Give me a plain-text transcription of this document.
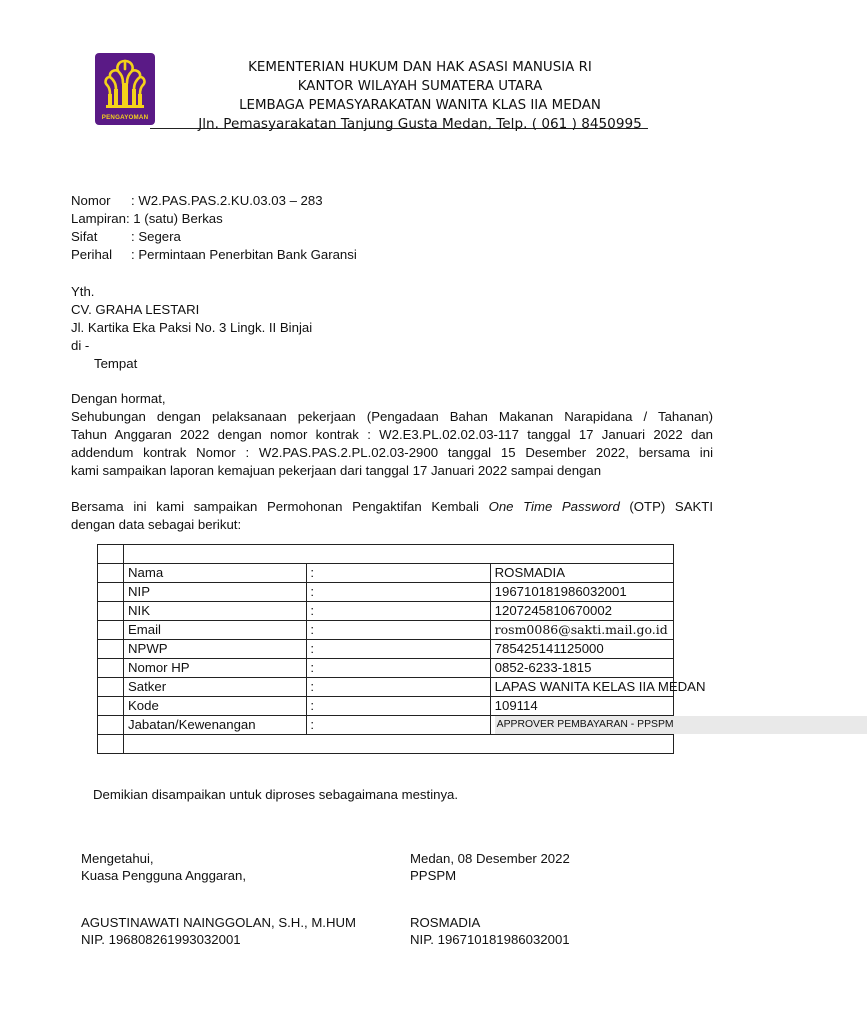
PENGAYOMAN
KEMENTERIAN HUKUM DAN HAK ASASI MANUSIA RI
KANTOR WILAYAH SUMATERA UTARA
LEMBAGA PEMASYARAKATAN WANITA KLAS IIA MEDAN
Jln. Pemasyarakatan Tanjung Gusta Medan, Telp. ( 061 ) 8450995
Nomor	: W2.PAS.PAS.2.KU.03.03 – 283
Lampiran : 1 (satu) Berkas
Sifat	: Segera
Perihal	: Permintaan Penerbitan Bank Garansi
Yth.
CV. GRAHA LESTARI
Jl. Kartika Eka Paksi No. 3 Lingk. II Binjai
di -
Tempat
Dengan hormat,
Sehubungan dengan pelaksanaan pekerjaan (Pengadaan Bahan Makanan Narapidana / Tahanan)
Tahun Anggaran 2022 dengan nomor kontrak : W2.E3.PL.02.02.03-117 tanggal 17 Januari 2022 dan
addendum kontrak Nomor : W2.PAS.PAS.2.PL.02.03-2900 tanggal 15 Desember 2022, bersama ini
kami sampaikan laporan kemajuan pekerjaan dari tanggal 17 Januari 2022 sampai dengan
Bersama ini kami sampaikan Permohonan Pengaktifan Kembali One Time Password (OTP) SAKTI
dengan data sebagai berikut:

	Nama	:	ROSMADIA
	NIP	:	196710181986032001
	NIK	:	1207245810670002
	Email	:	rosm0086@sakti.mail.go.id
	NPWP	:	785425141125000
	Nomor HP	:	0852-6233-1815
	Satker	:	LAPAS WANITA KELAS IIA MEDAN
	Kode	:	109114
	Jabatan/Kewenangan	:	APPROVER PEMBAYARAN - PPSPM

Demikian disampaikan untuk diproses sebagaimana mestinya.
Mengetahui,
Kuasa Pengguna Anggaran,
AGUSTINAWATI NAINGGOLAN, S.H., M.HUM
NIP. 196808261993032001
Medan, 08 Desember 2022
PPSPM
ROSMADIA
NIP. 196710181986032001
